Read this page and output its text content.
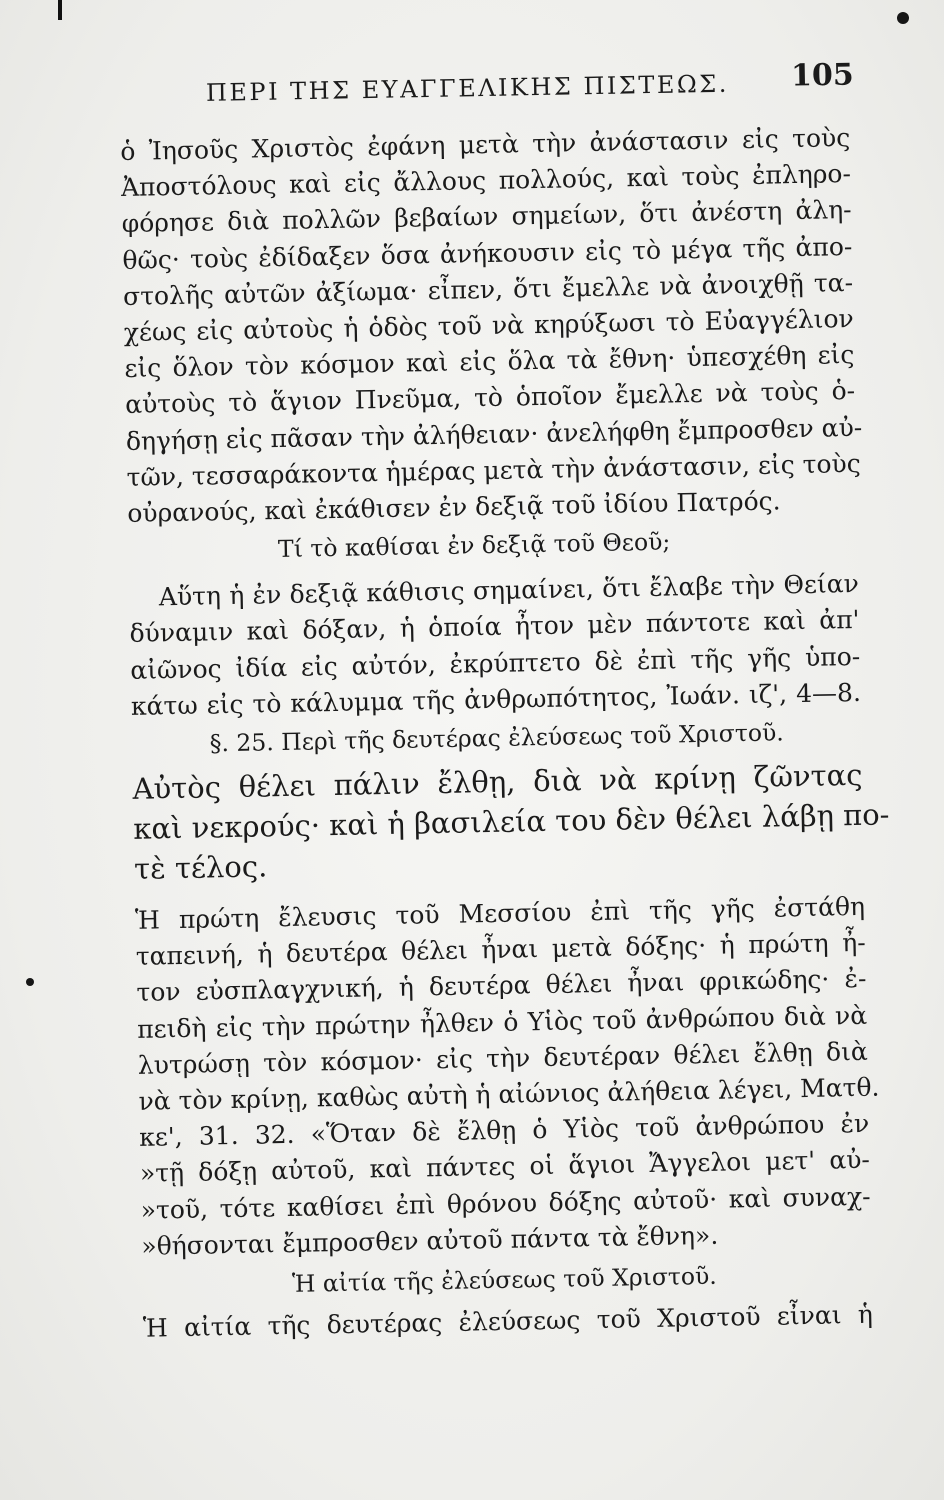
ΠΕΡΙ ΤΗΣ ΕΥΑΓΓΕΛΙΚΗΣ ΠΙΣΤΕΩΣ. 105
ὁ Ἰησοῦς Χριστὸς ἐφάνη μετὰ τὴν ἀνάστασιν εἰς τοὺς
Ἀποστόλους καὶ εἰς ἄλλους πολλούς, καὶ τοὺς ἐπληρο-
φόρησε διὰ πολλῶν βεβαίων σημείων, ὅτι ἀνέστη ἀλη-
θῶς· τοὺς ἐδίδαξεν ὅσα ἀνήκουσιν εἰς τὸ μέγα τῆς ἀπο-
στολῆς αὐτῶν ἀξίωμα· εἶπεν, ὅτι ἔμελλε νὰ ἀνοιχθῇ τα-
χέως εἰς αὐτοὺς ἡ ὁδὸς τοῦ νὰ κηρύξωσι τὸ Εὐαγγέλιον
εἰς ὅλον τὸν κόσμον καὶ εἰς ὅλα τὰ ἔθνη· ὑπεσχέθη εἰς
αὐτοὺς τὸ ἅγιον Πνεῦμα, τὸ ὁποῖον ἔμελλε νὰ τοὺς ὁ-
δηγήσῃ εἰς πᾶσαν τὴν ἀλήθειαν· ἀνελήφθη ἔμπροσθεν αὐ-
τῶν, τεσσαράκοντα ἡμέρας μετὰ τὴν ἀνάστασιν, εἰς τοὺς
οὐρανούς, καὶ ἐκάθισεν ἐν δεξιᾷ τοῦ ἰδίου Πατρός.
Τί τὸ καθίσαι ἐν δεξιᾷ τοῦ Θεοῦ;
Αὕτη ἡ ἐν δεξιᾷ κάθισις σημαίνει, ὅτι ἔλαβε τὴν Θείαν
δύναμιν καὶ δόξαν, ἡ ὁποία ἦτον μὲν πάντοτε καὶ ἀπ'
αἰῶνος ἰδία εἰς αὐτόν, ἐκρύπτετο δὲ ἐπὶ τῆς γῆς ὑπο-
κάτω εἰς τὸ κάλυμμα τῆς ἀνθρωπότητος, Ἰωάν. ιζ', 4—8.
§. 25. Περὶ τῆς δευτέρας ἐλεύσεως τοῦ Χριστοῦ.
Αὐτὸς θέλει πάλιν ἔλθῃ, διὰ νὰ κρίνῃ ζῶντας
καὶ νεκρούς· καὶ ἡ βασιλεία του δὲν θέλει λάβῃ πο-
τὲ τέλος.
Ἡ πρώτη ἔλευσις τοῦ Μεσσίου ἐπὶ τῆς γῆς ἐστάθη
ταπεινή, ἡ δευτέρα θέλει ἦναι μετὰ δόξης· ἡ πρώτη ἦ-
τον εὐσπλαγχνική, ἡ δευτέρα θέλει ἦναι φρικώδης· ἐ-
πειδὴ εἰς τὴν πρώτην ἦλθεν ὁ Υἱὸς τοῦ ἀνθρώπου διὰ νὰ
λυτρώσῃ τὸν κόσμον· εἰς τὴν δευτέραν θέλει ἔλθῃ διὰ
νὰ τὸν κρίνῃ, καθὼς αὐτὴ ἡ αἰώνιος ἀλήθεια λέγει, Ματθ.
κε', 31. 32. «Ὅταν δὲ ἔλθῃ ὁ Υἱὸς τοῦ ἀνθρώπου ἐν
»τῇ δόξῃ αὐτοῦ, καὶ πάντες οἱ ἅγιοι Ἄγγελοι μετ' αὐ-
»τοῦ, τότε καθίσει ἐπὶ θρόνου δόξης αὐτοῦ· καὶ συναχ-
»θήσονται ἔμπροσθεν αὐτοῦ πάντα τὰ ἔθνη».
Ἡ αἰτία τῆς ἐλεύσεως τοῦ Χριστοῦ.
Ἡ αἰτία τῆς δευτέρας ἐλεύσεως τοῦ Χριστοῦ εἶναι ἡ
